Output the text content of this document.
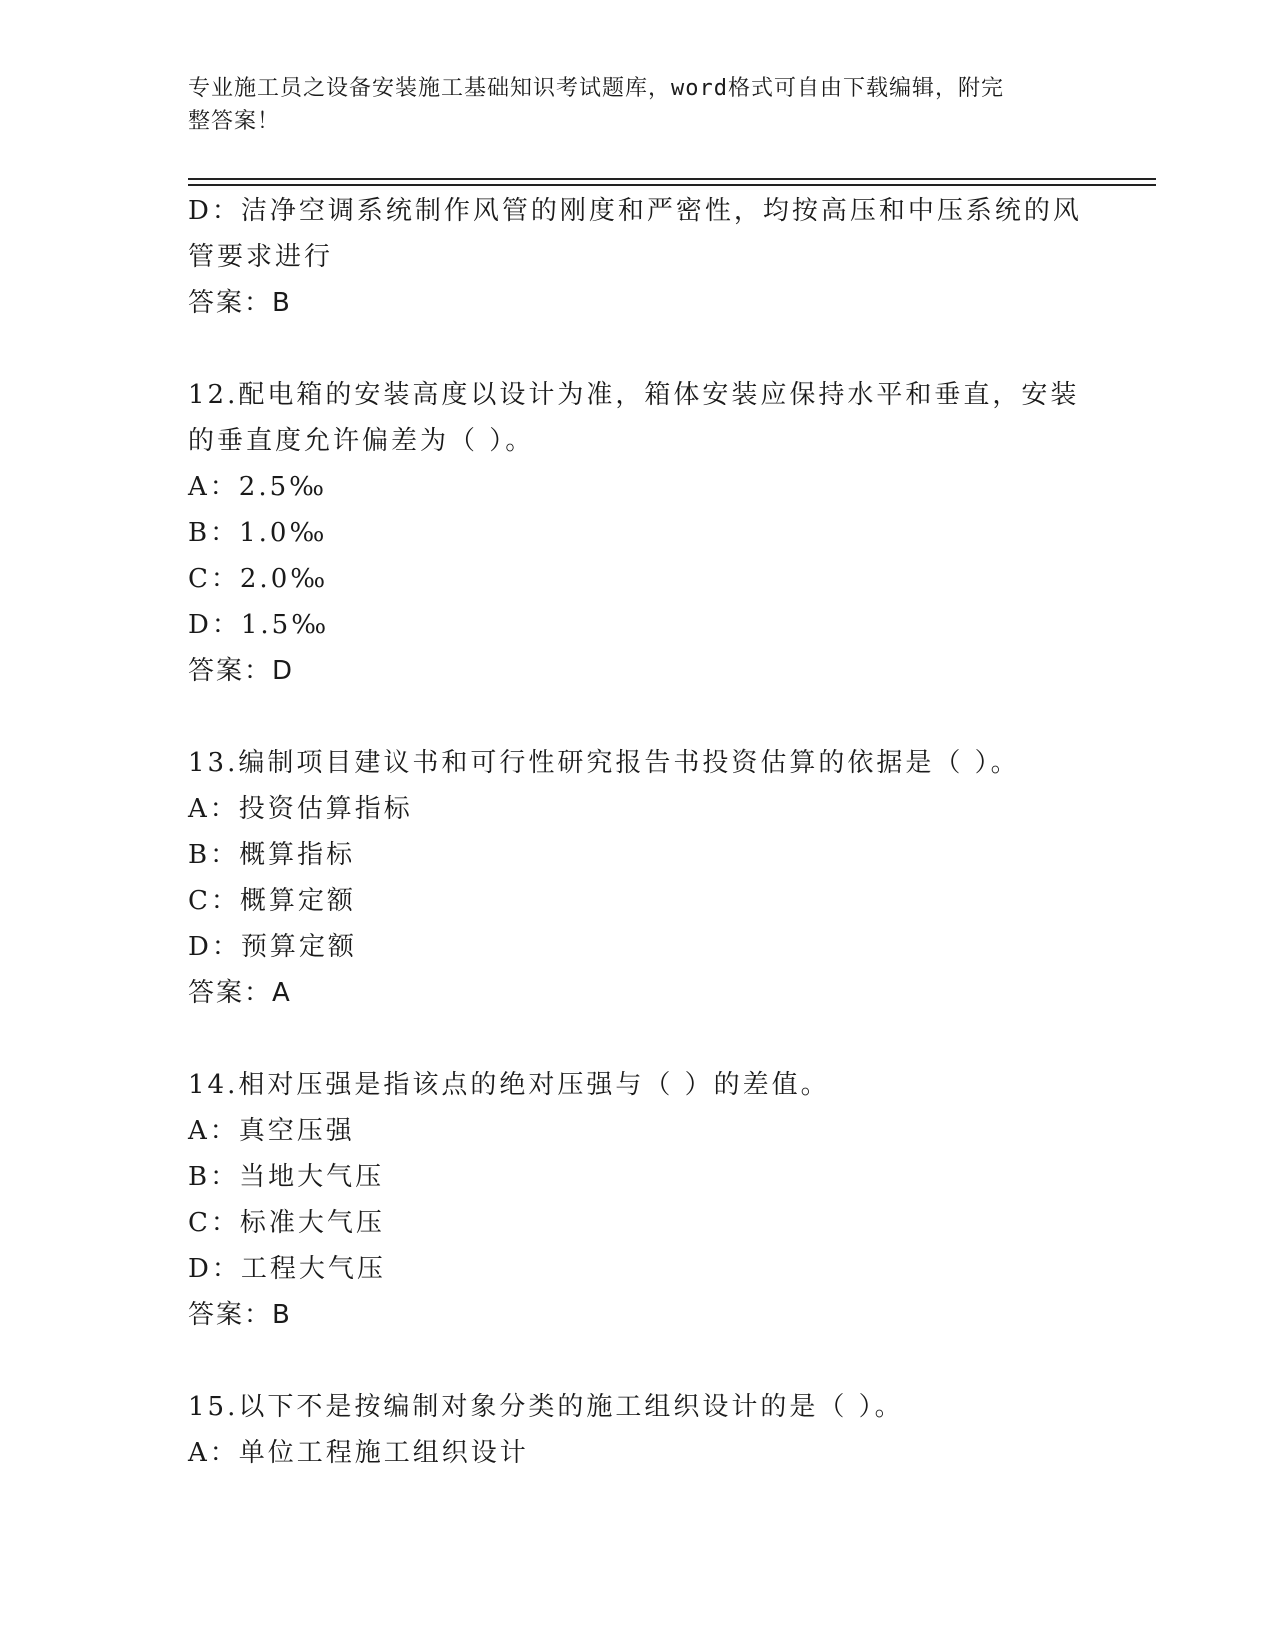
专业施工员之设备安装施工基础知识考试题库，word格式可自由下载编辑，附完
整答案！
D：洁净空调系统制作风管的刚度和严密性，均按高压和中压系统的风
管要求进行
答案：B
12.配电箱的安装高度以设计为准，箱体安装应保持水平和垂直，安装
的垂直度允许偏差为（ ）。
A：2.5‰
B：1.0‰
C：2.0‰
D：1.5‰
答案：D
13.编制项目建议书和可行性研究报告书投资估算的依据是（ ）。
A：投资估算指标
B：概算指标
C：概算定额
D：预算定额
答案：A
14.相对压强是指该点的绝对压强与（ ）的差值。
A：真空压强
B：当地大气压
C：标准大气压
D：工程大气压
答案：B
15.以下不是按编制对象分类的施工组织设计的是（ ）。
A：单位工程施工组织设计
